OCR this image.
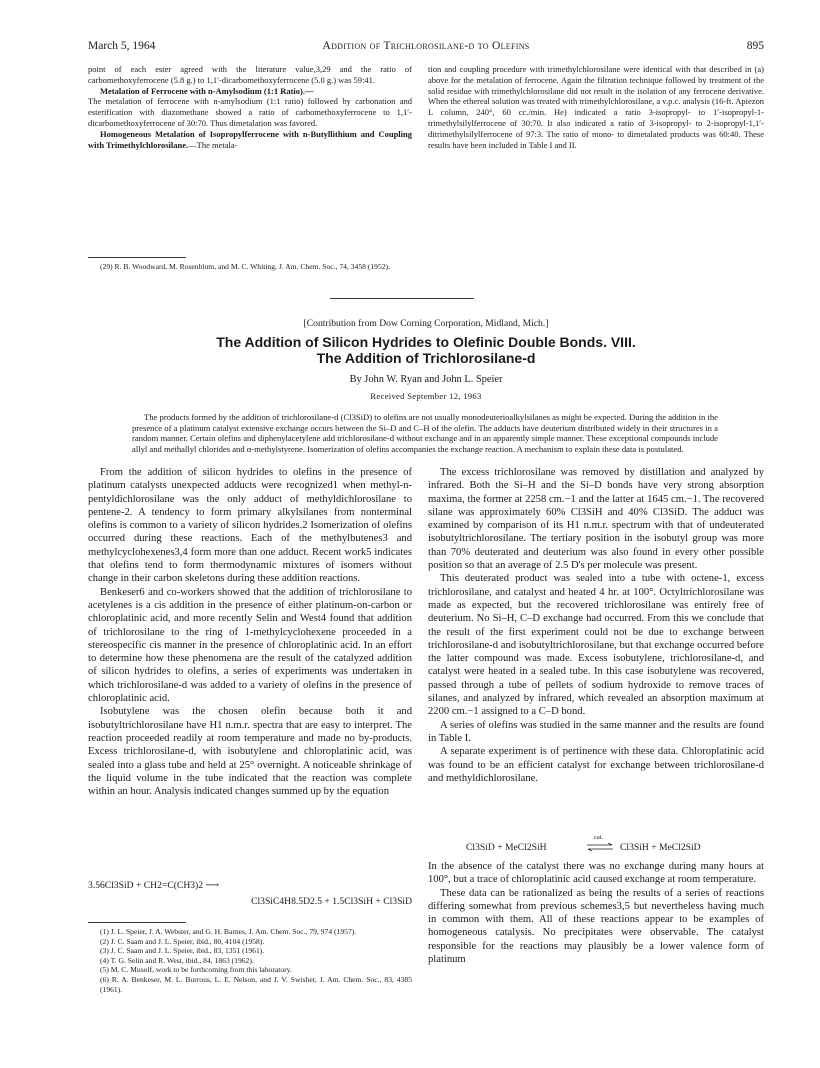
Addition of Trichlorosilane-d to Olefins
March 5, 1964	895

point of each ester agreed with the literature value,3,29 and the ratio of carbomethoxyferrocene (5.8 g.) to 1,1′-dicarbomethoxyferrocene (5.0 g.) was 59:41.

Metalation of Ferrocene with n-Amylsodium (1:1 Ratio).—

The metalation of ferrocene with n-amylsodium (1:1 ratio) followed by carbonation and esterification with diazomethane showed a ratio of carbomethoxyferrocene to 1,1′-dicarbomethoxyferrocene of 30:70. Thus dimetalation was favored.

Homogeneous Metalation of Isopropylferrocene with n-Butyllithium and Coupling with Trimethylchlorosilane.—The metala-

(29) R. B. Woodward, M. Rosenblum, and M. C. Whiting, J. Am. Chem. Soc., 74, 3458 (1952).

tion and coupling procedure with trimethylchlorosilane were identical with that described in (a) above for the metalation of ferrocene. Again the filtration technique followed by treatment of the solid residue with trimethylchlorosilane did not result in the isolation of any ferrocene derivative. When the ethereal solution was treated with trimethylchlorosilane, a v.p.c. analysis (16-ft. Apiezon L column, 240°, 60 cc./min. He) indicated a ratio 3-isopropyl- to 1′-isopropyl-1-trimethylsilylferrocene of 30:70. It also indicated a ratio of 3-isopropyl- to 2-isopropyl-1,1′-ditrimethylsilylferrocene of 97:3. The ratio of mono- to dimetalated products was 60:40. These results have been included in Table I and II.

[Contribution from Dow Corning Corporation, Midland, Mich.]
The Addition of Silicon Hydrides to Olefinic Double Bonds. VIII.
The Addition of Trichlorosilane-d
By John W. Ryan and John L. Speier
Received September 12, 1963

The products formed by the addition of trichlorosilane-d (Cl3SiD) to olefins are not usually monodeuterioalkylsilanes as might be expected. During the addition in the presence of a platinum catalyst extensive exchange occurs between the Si–D and C–H of the olefin. The adducts have deuterium distributed widely in their structures in a random manner. Certain olefins and diphenylacetylene add trichlorosilane-d without exchange and in an apparently simple manner. These exceptional compounds include allyl and methallyl chlorides and α-methylstyrene. Isomerization of olefins accompanies the exchange reaction. A mechanism to explain these data is postulated.

From the addition of silicon hydrides to olefins in the presence of platinum catalysts unexpected adducts were recognized1 when methyl-n-pentyldichlorosilane was the only adduct of methyldichlorosilane to pentene-2. A tendency to form primary alkylsilanes from nonterminal olefins is common to a variety of silicon hydrides.2 Isomerization of olefins occurred during these reactions. Each of the methylbutenes3 and methylcyclohexenes3,4 form more than one adduct. Recent work5 indicates that olefins tend to form thermodynamic mixtures of isomers without change in their carbon skeletons during these addition reactions.

Benkeser6 and co-workers showed that the addition of trichlorosilane to acetylenes is a cis addition in the presence of either platinum-on-carbon or chloroplatinic acid, and more recently Selin and West4 found that addition of trichlorosilane to the ring of 1-methylcyclohexene proceeded in a stereospecific cis manner in the presence of chloroplatinic acid. In an effort to determine how these phenomena are the result of the catalyzed addition of silicon hydrides to olefins, a series of experiments was undertaken in which trichlorosilane-d was added to a variety of olefins in the presence of chloroplatinic acid.

Isobutylene was the chosen olefin because both it and isobutyltrichlorosilane have H1 n.m.r. spectra that are easy to interpret. The reaction proceeded readily at room temperature and made no by-products. Excess trichlorosilane-d, with isobutylene and chloroplatinic acid, was sealed into a glass tube and held at 25° overnight. A noticeable shrinkage of the liquid volume in the tube indicated that the reaction was complete within an hour. Analysis indicated changes summed up by the equation

3.56Cl3SiD + CH2=C(CH3)2 ⟶
Cl3SiC4H8.5D2.5 + 1.5Cl3SiH + Cl3SiD

(1) J. L. Speier, J. A. Webster, and G. H. Barnes, J. Am. Chem. Soc., 79, 974 (1957).

(2) J. C. Saam and J. L. Speier, ibid., 80, 4104 (1958).

(3) J. C. Saam and J. L. Speier, ibid., 83, 1351 (1961).

(4) T. G. Selin and R. West, ibid., 84, 1863 (1962).

(5) M. C. Musolf, work to be forthcoming from this laboratory.

(6) R. A. Benkeser, M. L. Burrous, L. E. Nelson, and J. V. Swisher, J. Am. Chem. Soc., 83, 4385 (1961).

The excess trichlorosilane was removed by distillation and analyzed by infrared. Both the Si–H and the Si–D bonds have very strong absorption maxima, the former at 2258 cm.−1 and the latter at 1645 cm.−1. The recovered silane was approximately 60% Cl3SiH and 40% Cl3SiD. The adduct was examined by comparison of its H1 n.m.r. spectrum with that of undeuterated isobutyltrichlorosilane. The tertiary position in the isobutyl group was more than 70% deuterated and deuterium was also found in every other possible position so that an average of 2.5 D's per molecule was present.

This deuterated product was sealed into a tube with octene-1, excess trichlorosilane, and catalyst and heated 4 hr. at 100°. Octyltrichlorosilane was made as expected, but the recovered trichlorosilane was entirely free of deuterium. No Si–H, C–D exchange had occurred. From this we conclude that the result of the first experiment could not be due to exchange between trichlorosilane-d and isobutyltrichlorosilane, but that exchange occurred before the latter compound was made. Excess isobutylene, trichlorosilane-d, and catalyst were heated in a sealed tube. In this case isobutylene was recovered, passed through a tube of pellets of sodium hydroxide to remove traces of silanes, and analyzed by infrared, which revealed an absorption maximum at 2200 cm.−1 assigned to a C–D bond.

A series of olefins was studied in the same manner and the results are found in Table I.

A separate experiment is of pertinence with these data. Chloroplatinic acid was found to be an efficient catalyst for exchange between trichlorosilane-d and methyldichlorosilane.

Cl3SiD + MeCl2SiH
cat.
⇌ Cl3SiH + MeCl2SiD

In the absence of the catalyst there was no exchange during many hours at 100°, but a trace of chloroplatinic acid caused exchange at room temperature.

These data can be rationalized as being the results of a series of reactions differing somewhat from previous schemes3,5 but nevertheless having much in common with them. All of these reactions appear to be examples of homogeneous catalysis. No precipitates were observable. The catalyst responsible for the reactions may plausibly be a lower valence form of platinum
